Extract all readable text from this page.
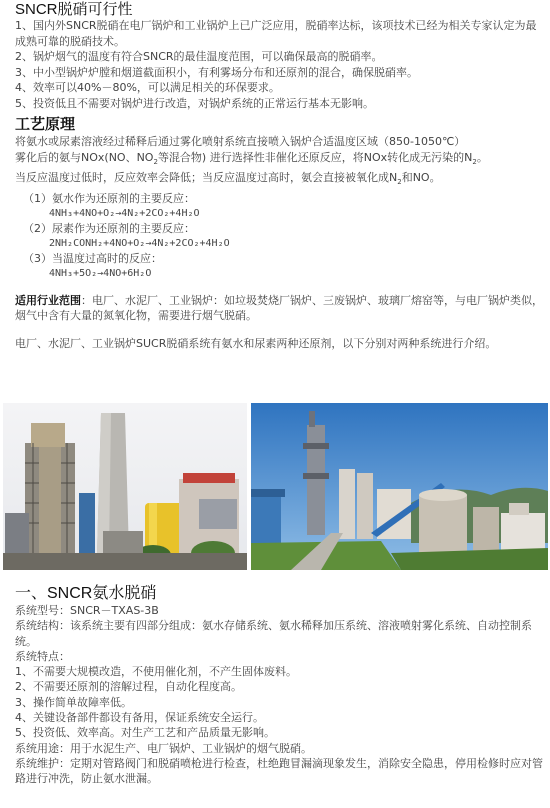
SNCR脱硝可行性
1、国内外SNCR脱硝在电厂锅炉和工业锅炉上已广泛应用，脱硝率达标，该项技术已经为相关专家认定为最成熟可靠的脱硝技术。
2、锅炉烟气的温度有符合SNCR的最佳温度范围，可以确保最高的脱硝率。
3、中小型锅炉炉膛和烟道截面积小，有利雾场分布和还原剂的混合，确保脱硝率。
4、效率可以40%－80%，可以满足相关的环保要求。
5、投资低且不需要对锅炉进行改造，对锅炉系统的正常运行基本无影响。
工艺原理
将氨水或尿素溶液经过稀释后通过雾化喷射系统直接喷入锅炉合适温度区域（850-1050℃）
雾化后的氨与NOx(NO、$NO_2$等混合物) 进行选择性非催化还原反应，将NOx转化成无污染的$N_2$。
当反应温度过低时，反应效率会降低；当反应温度过高时，氨会直接被氧化成$N_2$和NO。
（1）氨水作为还原剂的主要反应：
4NH₃+4NO+O₂→4N₂+2CO₂+4H₂O
（2）尿素作为还原剂的主要反应：
2NH₂CONH₂+4NO+O₂→4N₂+2CO₂+4H₂O
（3）当温度过高时的反应：
4NH₃+5O₂→4NO+6H₂O
适用行业范围：电厂、水泥厂、工业锅炉：如垃圾焚烧厂锅炉、三废锅炉、玻璃厂熔窑等，与电厂锅炉类似，烟气中含有大量的氮氧化物，需要进行烟气脱硝。
电厂、水泥厂、工业锅炉SUCR脱硝系统有氨水和尿素两种还原剂，以下分别对两种系统进行介绍。
一、SNCR氨水脱硝
系统型号：SNCR－TXAS-3B
系统结构：该系统主要有四部分组成：氨水存储系统、氨水稀释加压系统、溶液喷射雾化系统、自动控制系统。
系统特点：
1、不需要大规模改造，不使用催化剂，不产生固体废料。
2、不需要还原剂的溶解过程，自动化程度高。
3、操作简单故障率低。
4、关键设备部件都设有备用，保证系统安全运行。
5、投资低、效率高。对生产工艺和产品质量无影响。
系统用途：用于水泥生产、电厂锅炉、工业锅炉的烟气脱硝。
系统维护：定期对管路阀门和脱硝喷枪进行检查，杜绝跑冒漏滴现象发生，消除安全隐患，停用检修时应对管路进行冲洗，防止氨水泄漏。
